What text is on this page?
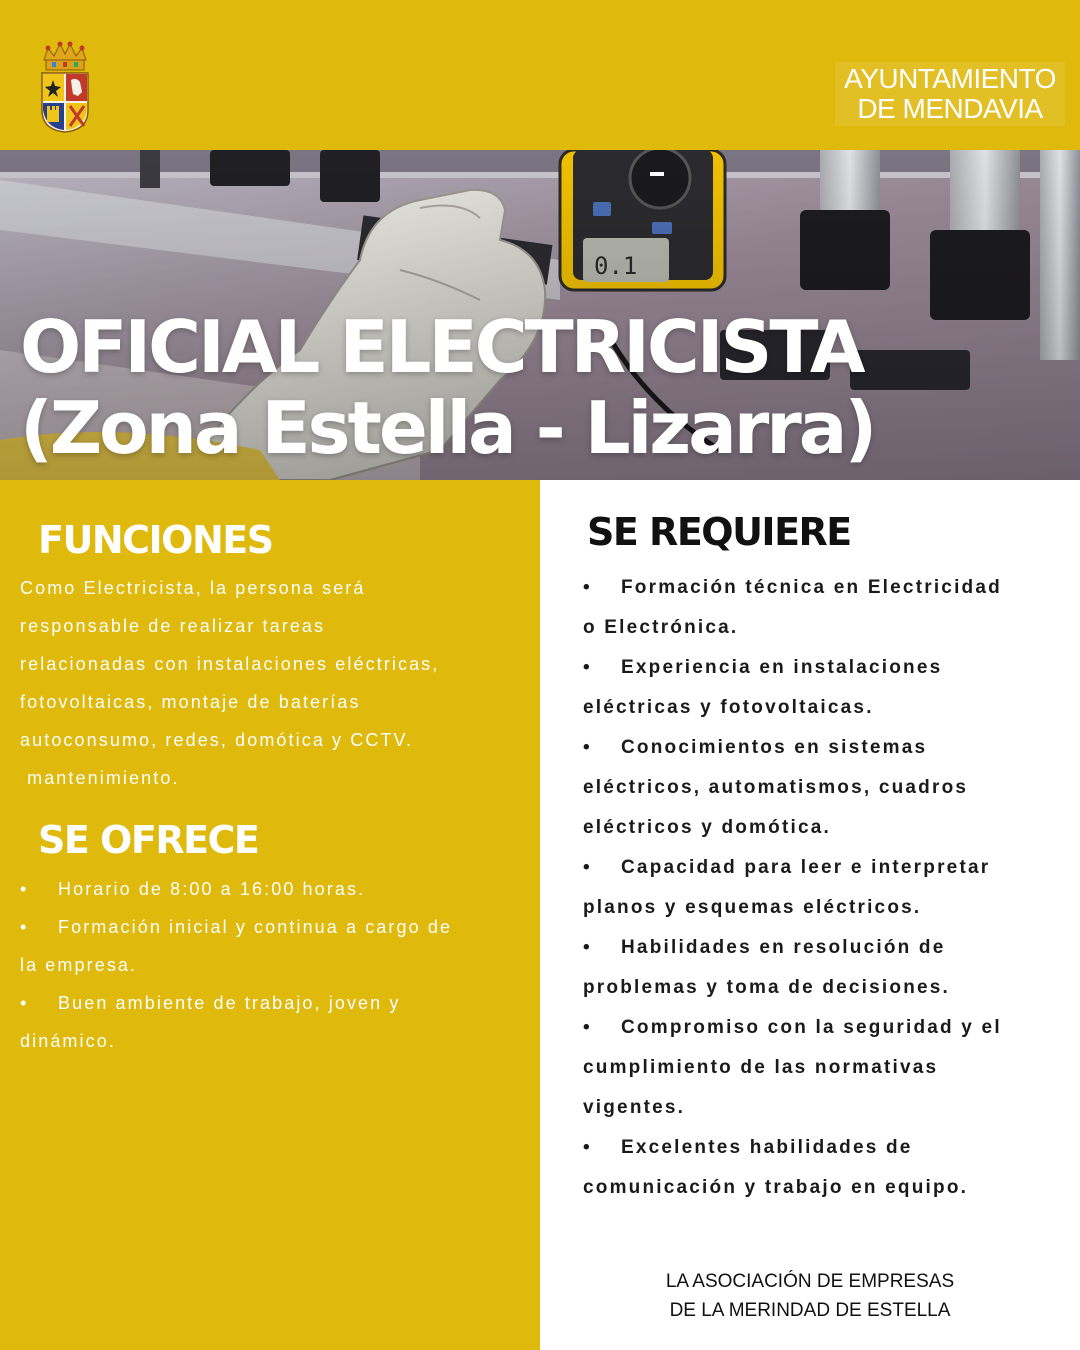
AYUNTAMIENTO
DE MENDAVIA
OFICIAL ELECTRICISTA
(Zona Estella - Lizarra)
FUNCIONES
Como Electricista, la persona será
responsable de realizar tareas
relacionadas con instalaciones eléctricas,
fotovoltaicas, montaje de baterías
autoconsumo, redes, domótica y CCTV.
mantenimiento.
SE OFRECE
• Horario de 8:00 a 16:00 horas.
• Formación inicial y continua a cargo de
la empresa.
• Buen ambiente de trabajo, joven y
dinámico.
SE REQUIERE
• Formación técnica en Electricidad
o Electrónica.
• Experiencia en instalaciones
eléctricas y fotovoltaicas.
• Conocimientos en sistemas
eléctricos, automatismos, cuadros
eléctricos y domótica.
• Capacidad para leer e interpretar
planos y esquemas eléctricos.
• Habilidades en resolución de
problemas y toma de decisiones.
• Compromiso con la seguridad y el
cumplimiento de las normativas
vigentes.
• Excelentes habilidades de
comunicación y trabajo en equipo.
LA ASOCIACIÓN DE EMPRESAS
DE LA MERINDAD DE ESTELLA
